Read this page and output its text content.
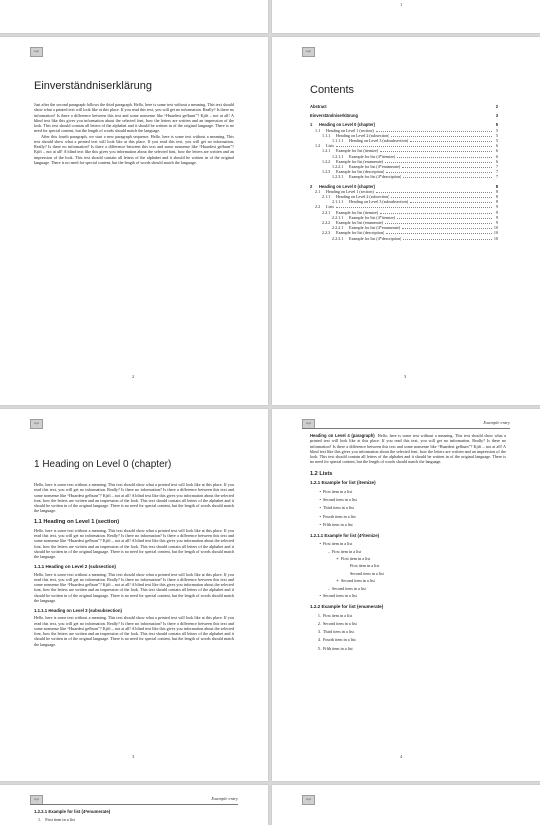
1
logo
Einverständniserklärung

Just after the second paragraph follows the third paragraph. Hello, here is some text without a meaning. This text should show what a printed text will look like at this place. If you read this text, you will get no information. Really? Is there no information? Is there a difference between this text and some nonsense like “Huardest gefburn”? Kjift – not at all! A blind text like this gives you information about the selected font, how the letters are written and an impression of the look. This text should contain all letters of the alphabet and it should be written in of the original language. There is no need for special content, but the length of words should match the language.

After this fourth paragraph, we start a new paragraph sequence. Hello, here is some text without a meaning. This text should show what a printed text will look like at this place. If you read this text, you will get no information. Really? Is there no information? Is there a difference between this text and some nonsense like “Huardest gefburn”? Kjift – not at all! A blind text like this gives you information about the selected font, how the letters are written and an impression of the look. This text should contain all letters of the alphabet and it should be written in of the original language. There is no need for special content, but the length of words should match the language.

2
logo
Contents
3
Abstract	2
Einverständniserklärung	3
1	Heading on Level 0 (chapter)	5
1.1	Heading on Level 1 (section)	5
1.1.1	Heading on Level 2 (subsection)	5
1.1.1.1	Heading on Level 3 (subsubsection)	5
1.2	Lists	6
1.2.1	Example for list (itemize)	6
1.2.1.1	Example for list (4*itemize)	6
1.2.2	Example for list (enumerate)	6
1.2.2.1	Example for list (4*enumerate)	7
1.2.3	Example for list (description)	7
1.2.3.1	Example for list (4*description)	7
2	Heading on Level 0 (chapter)	8
2.1	Heading on Level 1 (section)	8
2.1.1	Heading on Level 2 (subsection)	8
2.1.1.1	Heading on Level 3 (subsubsection)	8
2.2	Lists	9
2.2.1	Example for list (itemize)	9
2.2.1.1	Example for list (4*itemize)	9
2.2.2	Example for list (enumerate)	9
2.2.2.1	Example for list (4*enumerate)	10
2.2.3	Example for list (description)	10
2.2.3.1	Example for list (4*description)	10
logo
1 Heading on Level 0 (chapter)

Hello, here is some text without a meaning. This text should show what a printed text will look like at this place. If you read this text, you will get no information. Really? Is there no information? Is there a difference between this text and some nonsense like “Huardest gefburn”? Kjift – not at all! A blind text like this gives you information about the selected font, how the letters are written and an impression of the look. This text should contain all letters of the alphabet and it should be written in of the original language. There is no need for special content, but the length of words should match the language.

1.1 Heading on Level 1 (section)

Hello, here is some text without a meaning. This text should show what a printed text will look like at this place. If you read this text, you will get no information. Really? Is there no information? Is there a difference between this text and some nonsense like “Huardest gefburn”? Kjift – not at all! A blind text like this gives you information about the selected font, how the letters are written and an impression of the look. This text should contain all letters of the alphabet and it should be written in of the original language. There is no need for special content, but the length of words should match the language.

1.1.1 Heading on Level 2 (subsection)

Hello, here is some text without a meaning. This text should show what a printed text will look like at this place. If you read this text, you will get no information. Really? Is there no information? Is there a difference between this text and some nonsense like “Huardest gefburn”? Kjift – not at all! A blind text like this gives you information about the selected font, how the letters are written and an impression of the look. This text should contain all letters of the alphabet and it should be written in of the original language. There is no need for special content, but the length of words should match the language.

1.1.1.1 Heading on Level 3 (subsubsection)

Hello, here is some text without a meaning. This text should show what a printed text will look like at this place. If you read this text, you will get no information. Really? Is there no information? Is there a difference between this text and some nonsense like “Huardest gefburn”? Kjift – not at all! A blind text like this gives you information about the selected font, how the letters are written and an impression of the look. This text should contain all letters of the alphabet and it should be written in of the original language. There is no need for special content, but the length of words should match the language.

3
logo	Example entry

Heading on Level 4 (paragraph) Hello, here is some text without a meaning. This text should show what a printed text will look like at this place. If you read this text, you will get no information. Really? Is there no information? Is there a difference between this text and some nonsense like “Huardest gefburn”? Kjift – not at all! A blind text like this gives you information about the selected font, how the letters are written and an impression of the look. This text should contain all letters of the alphabet and it should be written in of the original language. There is no need for special content, but the length of words should match the language.

1.2 Lists
1.2.1 Example for list (itemize)
• First item in a list
• Second item in a list
• Third item in a list
• Fourth item in a list
• Fifth item in a list
1.2.1.1 Example for list (4*itemize)
• First item in a list
– First item in a list
∗ First item in a list
First item in a list
Second item in a list
∗ Second item in a list
– Second item in a list
• Second item in a list
1.2.2 Example for list (enumerate)
1. First item in a list
2. Second item in a list
3. Third item in a list
4. Fourth item in a list
5. Fifth item in a list
4
logo	Example entry
1.2.2.1 Example for list (4*enumerate)
1. First item in a list
logo
